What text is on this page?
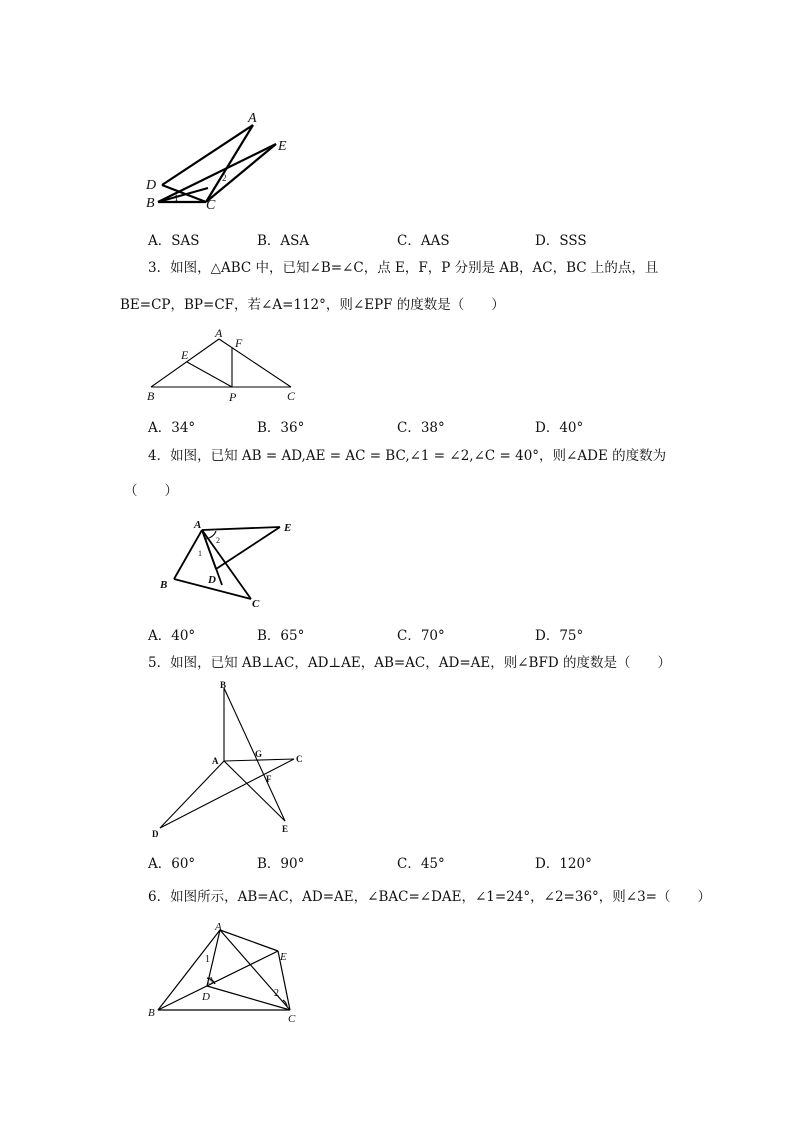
A
E
D
B	C
1
2
A．SAS	B．ASA	C．AAS	D．SSS
3．如图，△ABC 中，已知∠B=∠C，点 E，F，P 分别是 AB，AC，BC 上的点，且
BE=CP，BP=CF，若∠A=112°，则∠EPF 的度数是（　　）
A
F
E
B	P	C
A．34°	B．36°	C．38°	D．40°
4．如图，已知 AB = AD,AE = AC = BC,∠1 = ∠2,∠C = 40°，则∠ADE 的度数为
（　　）
A	E
1
2
D
B
C
A．40°	B．65°	C．70°	D．75°
5．如图，已知 AB⊥AC，AD⊥AE，AB=AC，AD=AE，则∠BFD 的度数是（　　）
B
A
G	C
F
D	E
A．60°	B．90°	C．45°	D．120°
6．如图所示，AB=AC，AD=AE，∠BAC=∠DAE，∠1=24°，∠2=36°，则∠3=（　　）
A
E
1
3
D	2
B	C
